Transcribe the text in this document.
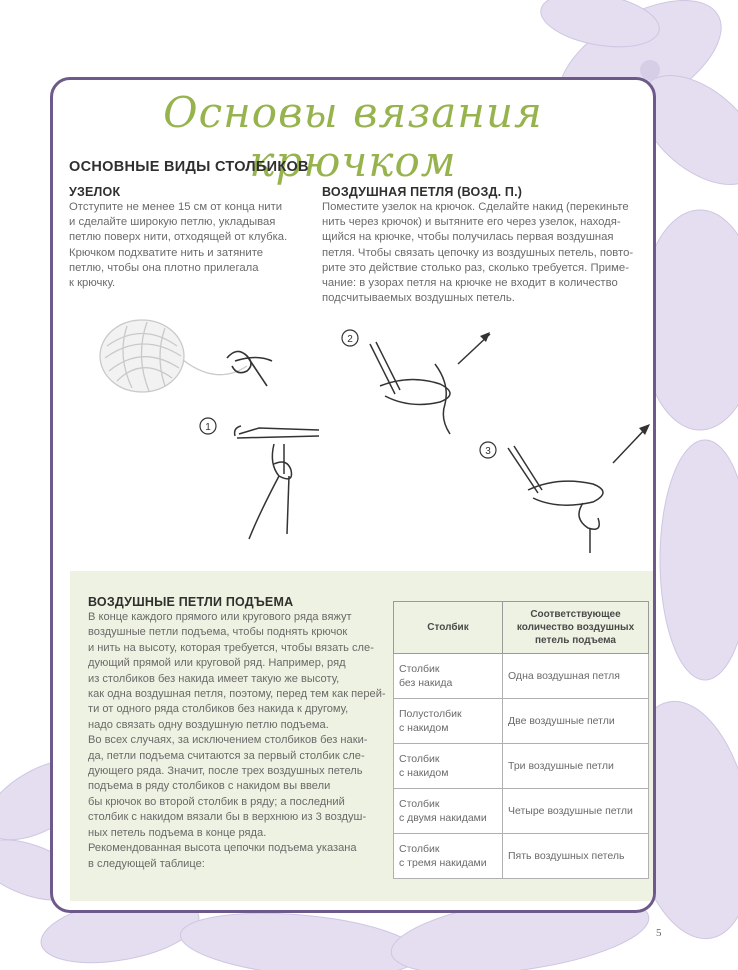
Основы вязания крючком
ОСНОВНЫЕ ВИДЫ СТОЛБИКОВ
УЗЕЛОК
Отступите не менее 15 см от конца нити
и сделайте широкую петлю, укладывая
петлю поверх нити, отходящей от клубка.
Крючком подхватите нить и затяните
петлю, чтобы она плотно прилегала
к крючку.
ВОЗДУШНАЯ ПЕТЛЯ (ВОЗД. П.)
Поместите узелок на крючок. Сделайте накид (перекиньте
нить через крючок) и вытяните его через узелок, находя-
щийся на крючке, чтобы получилась первая воздушная
петля. Чтобы связать цепочку из воздушных петель, повто-
рите это действие столько раз, сколько требуется. Приме-
чание: в узорах петля на крючке не входит в количество
подсчитываемых воздушных петель.
1
2
3
ВОЗДУШНЫЕ ПЕТЛИ ПОДЪЕМА
В конце каждого прямого или кругового ряда вяжут
воздушные петли подъема, чтобы поднять крючок
и нить на высоту, которая требуется, чтобы вязать сле-
дующий прямой или круговой ряд. Например, ряд
из столбиков без накида имеет такую же высоту,
как одна воздушная петля, поэтому, перед тем как перей-
ти от одного ряда столбиков без накида к другому,
надо связать одну воздушную петлю подъема.
Во всех случаях, за исключением столбиков без наки-
да, петли подъема считаются за первый столбик сле-
дующего ряда. Значит, после трех воздушных петель
подъема в ряду столбиков с накидом вы ввели
бы крючок во второй столбик в ряду; а последний
столбик с накидом вязали бы в верхнюю из 3 воздуш-
ных петель подъема в конце ряда.
Рекомендованная высота цепочки подъема указана
в следующей таблице:
Столбик	Соответствующее количество воздушных петель подъема
Столбик
без накида	Одна воздушная петля
Полустолбик
с накидом	Две воздушные петли
Столбик
с накидом	Три воздушные петли
Столбик
с двумя накидами	Четыре воздушные петли
Столбик
с тремя накидами	Пять воздушных петель
5
